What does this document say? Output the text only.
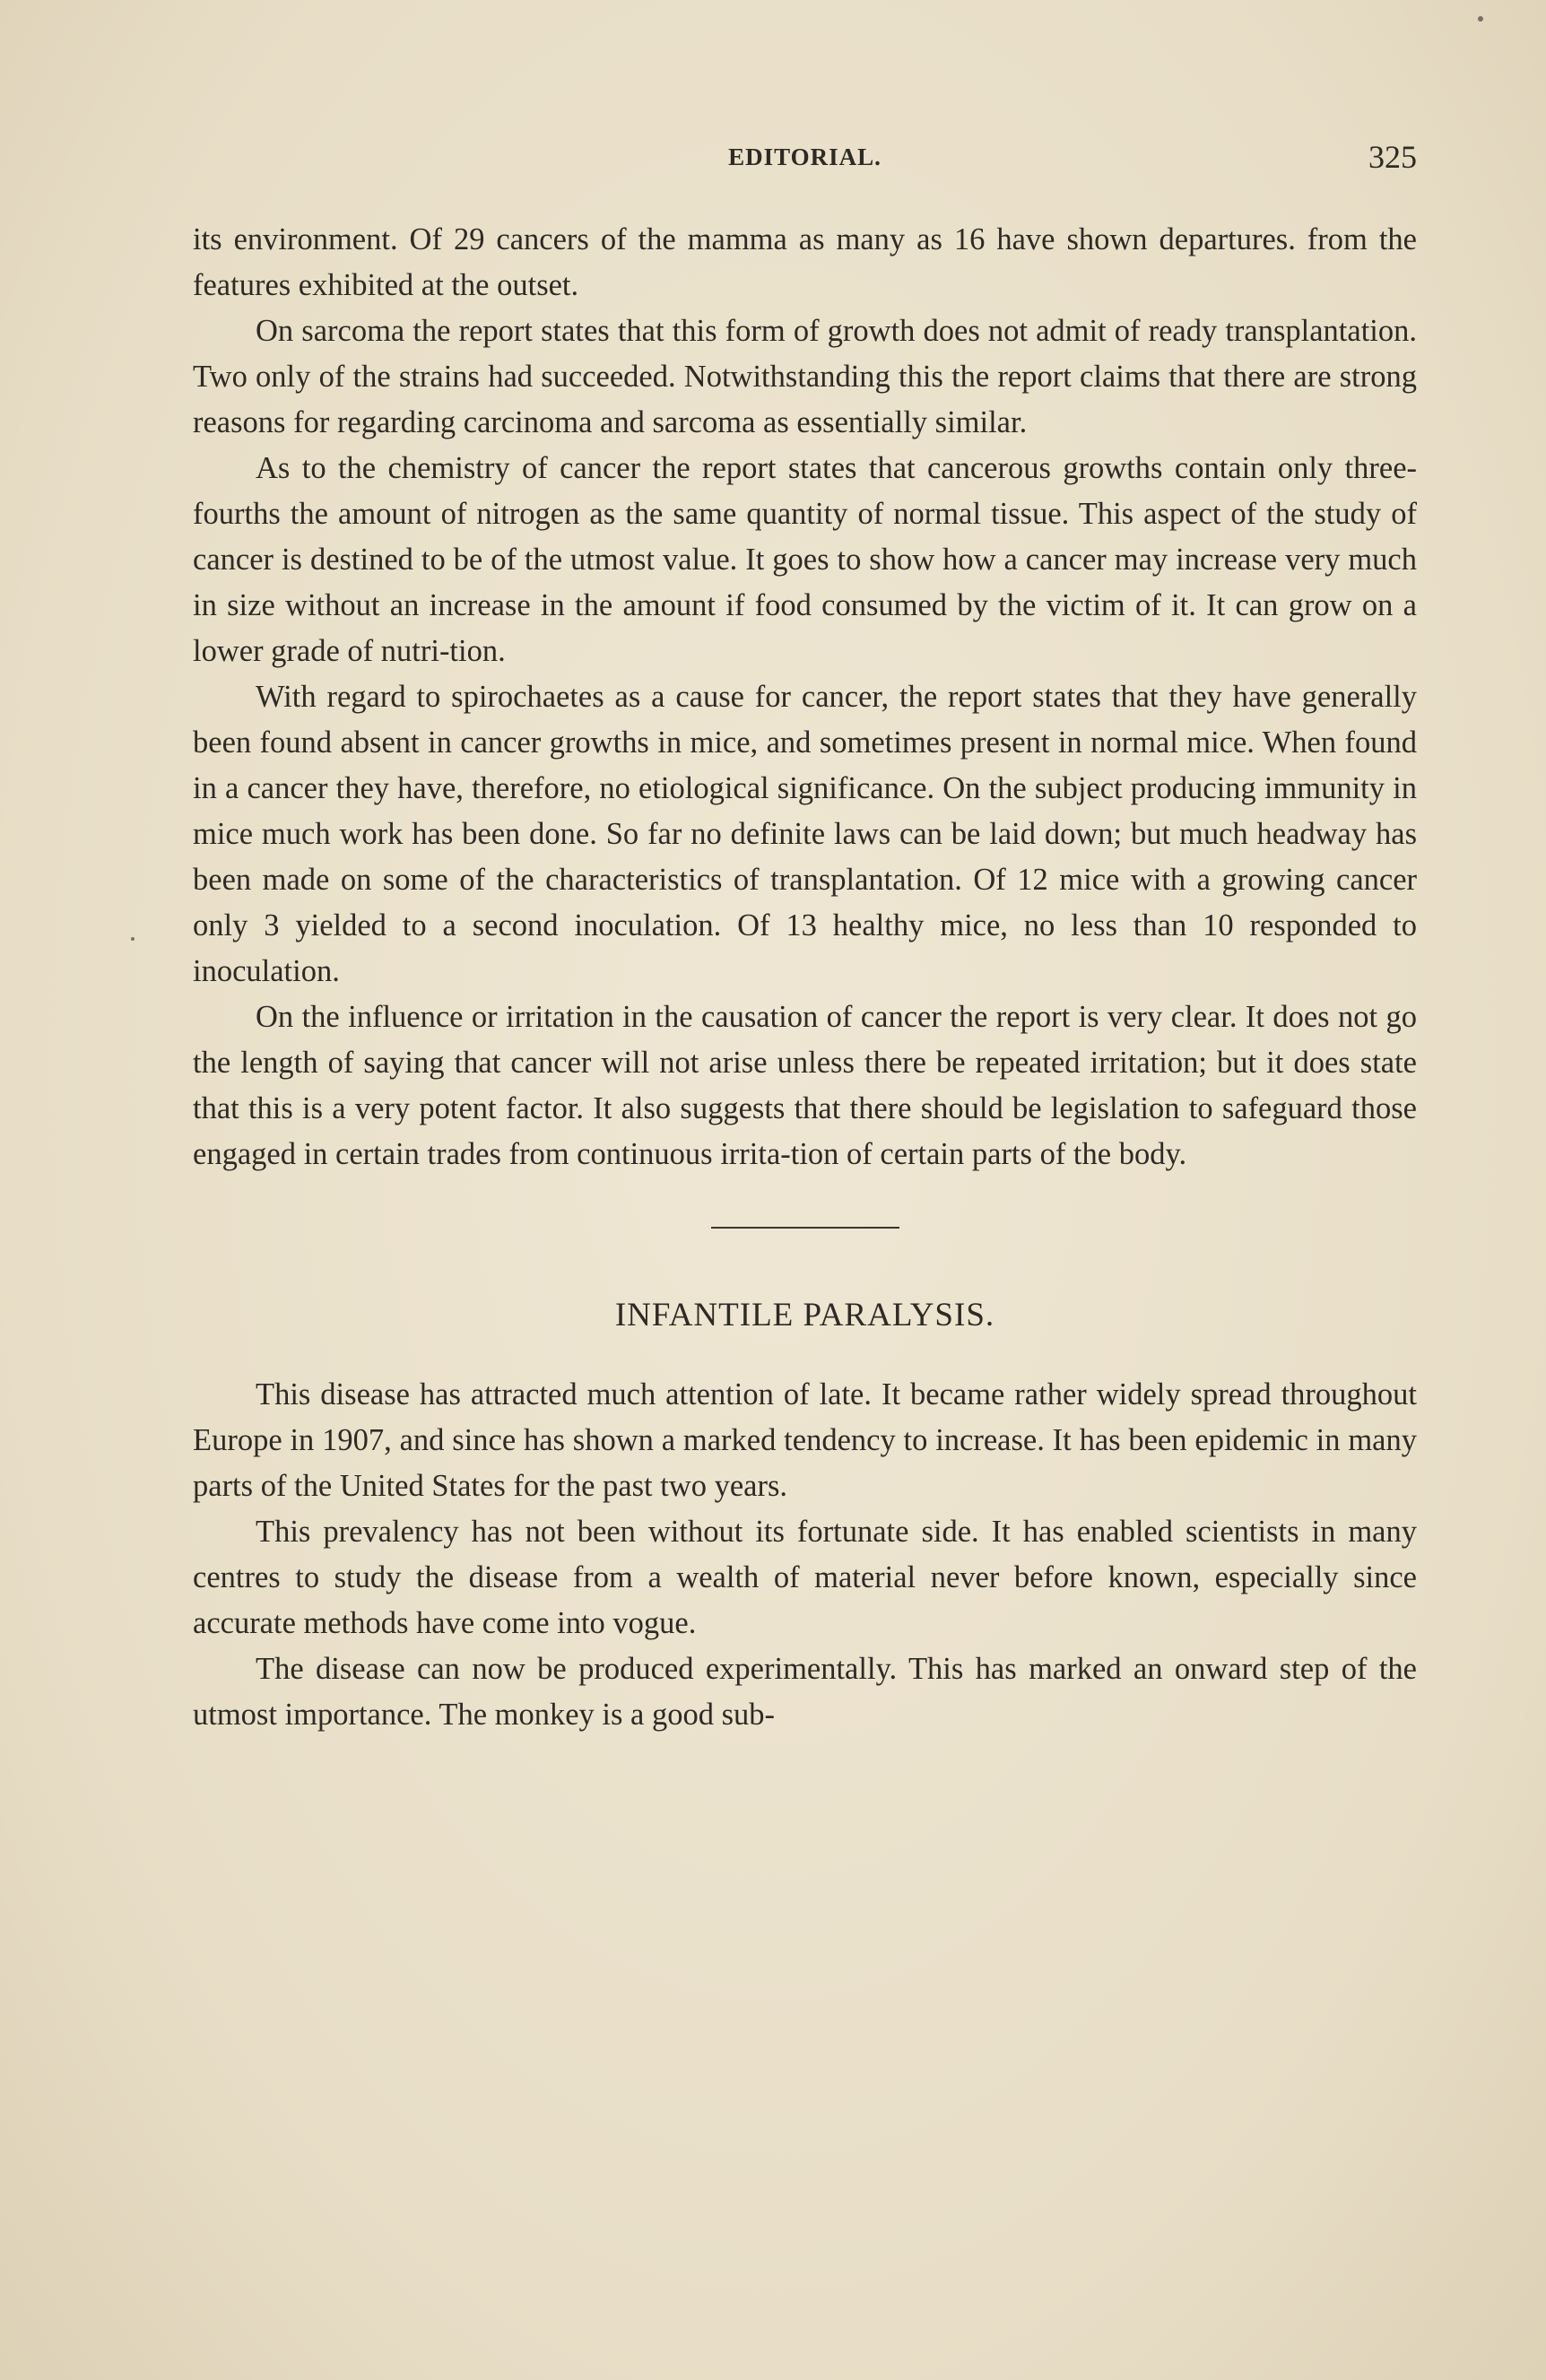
EDITORIAL.	325

its environment. Of 29 cancers of the mamma as many as 16 have shown departures. from the features exhibited at the outset.

On sarcoma the report states that this form of growth does not admit of ready transplantation. Two only of the strains had succeeded. Notwithstanding this the report claims that there are strong reasons for regarding carcinoma and sarcoma as essentially similar.

As to the chemistry of cancer the report states that cancerous growths contain only three-fourths the amount of nitrogen as the same quantity of normal tissue. This aspect of the study of cancer is destined to be of the utmost value. It goes to show how a cancer may increase very much in size without an increase in the amount if food consumed by the victim of it. It can grow on a lower grade of nutri-tion.

With regard to spirochaetes as a cause for cancer, the report states that they have generally been found absent in cancer growths in mice, and sometimes present in normal mice. When found in a cancer they have, therefore, no etiological significance. On the subject producing immunity in mice much work has been done. So far no definite laws can be laid down; but much headway has been made on some of the characteristics of transplantation. Of 12 mice with a growing cancer only 3 yielded to a second inoculation. Of 13 healthy mice, no less than 10 responded to inoculation.

On the influence or irritation in the causation of cancer the report is very clear. It does not go the length of saying that cancer will not arise unless there be repeated irritation; but it does state that this is a very potent factor. It also suggests that there should be legislation to safeguard those engaged in certain trades from continuous irrita-tion of certain parts of the body.

INFANTILE PARALYSIS.

This disease has attracted much attention of late. It became rather widely spread throughout Europe in 1907, and since has shown a marked tendency to increase. It has been epidemic in many parts of the United States for the past two years.

This prevalency has not been without its fortunate side. It has enabled scientists in many centres to study the disease from a wealth of material never before known, especially since accurate methods have come into vogue.

The disease can now be produced experimentally. This has marked an onward step of the utmost importance. The monkey is a good sub-
